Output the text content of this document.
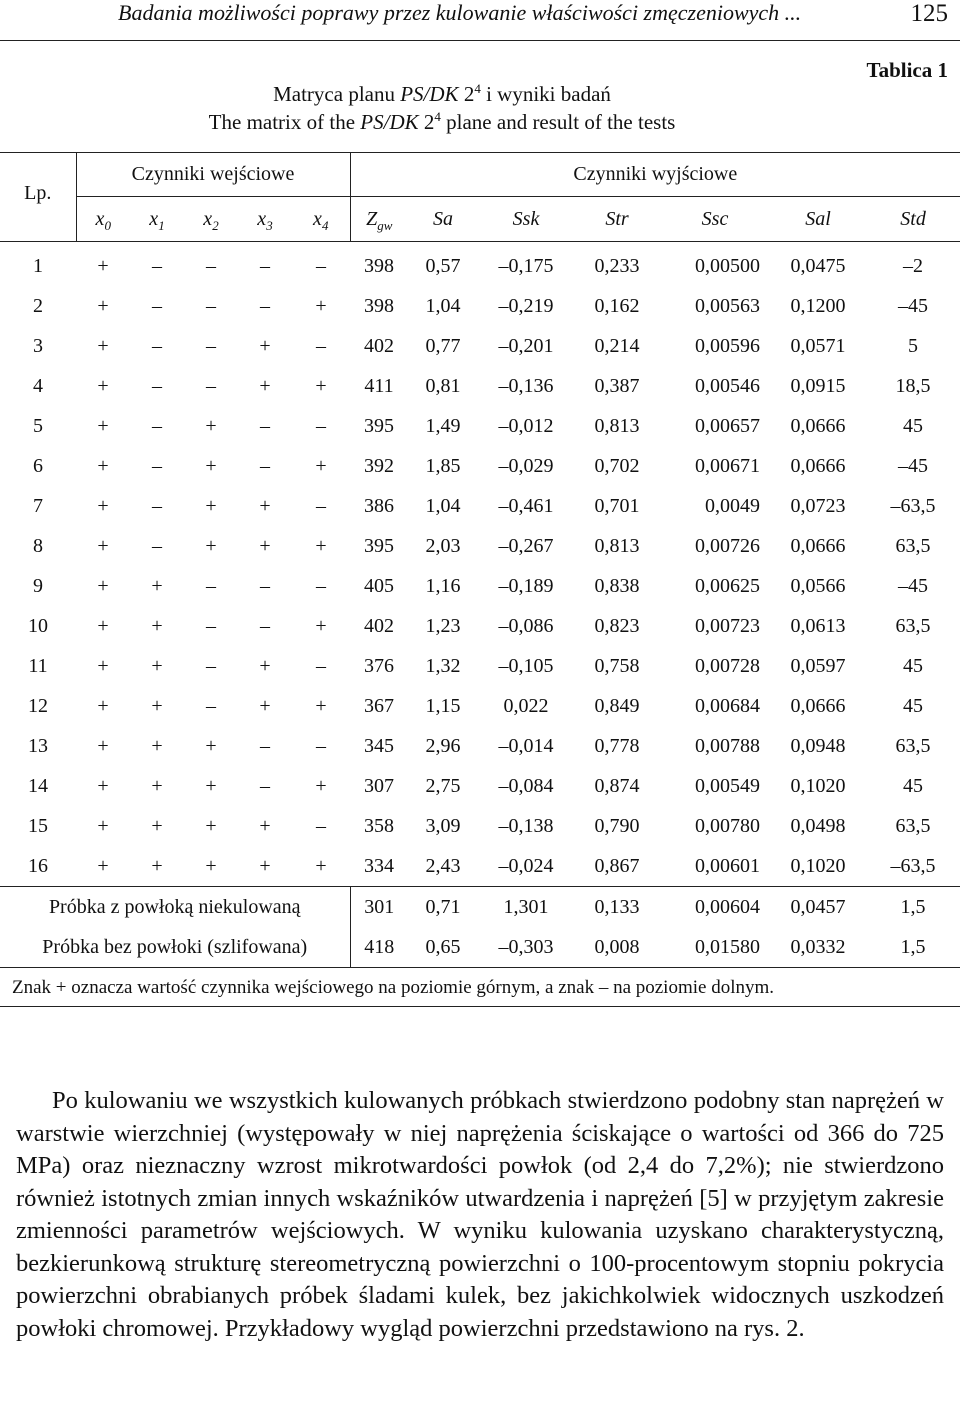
Badania możliwości poprawy przez kulowanie właściwości zmęczeniowych ...	125
Tablica 1
Matryca planu PS/DK $2^4$ i wyniki badań
The matrix of the PS/DK $2^4$ plane and result of the tests
Lp.	Czynniki wejściowe					Czynniki wyjściowe						
	$x_0$	$x_1$	$x_2$	$x_3$	$x_4$	$Z_{gw}$	Sa	Ssk	Str	Ssc	Sal	Std
1	+	–	–	–	–	398	0,57	–0,175	0,233	0,00500	0,0475	–2
2	+	–	–	–	+	398	1,04	–0,219	0,162	0,00563	0,1200	–45
3	+	–	–	+	–	402	0,77	–0,201	0,214	0,00596	0,0571	5
4	+	–	–	+	+	411	0,81	–0,136	0,387	0,00546	0,0915	18,5
5	+	–	+	–	–	395	1,49	–0,012	0,813	0,00657	0,0666	45
6	+	–	+	–	+	392	1,85	–0,029	0,702	0,00671	0,0666	–45
7	+	–	+	+	–	386	1,04	–0,461	0,701	0,0049	0,0723	–63,5
8	+	–	+	+	+	395	2,03	–0,267	0,813	0,00726	0,0666	63,5
9	+	+	–	–	–	405	1,16	–0,189	0,838	0,00625	0,0566	–45
10	+	+	–	–	+	402	1,23	–0,086	0,823	0,00723	0,0613	63,5
11	+	+	–	+	–	376	1,32	–0,105	0,758	0,00728	0,0597	45
12	+	+	–	+	+	367	1,15	0,022	0,849	0,00684	0,0666	45
13	+	+	+	–	–	345	2,96	–0,014	0,778	0,00788	0,0948	63,5
14	+	+	+	–	+	307	2,75	–0,084	0,874	0,00549	0,1020	45
15	+	+	+	+	–	358	3,09	–0,138	0,790	0,00780	0,0498	63,5
16	+	+	+	+	+	334	2,43	–0,024	0,867	0,00601	0,1020	–63,5
Próbka z powłoką niekulowaną						301	0,71	1,301	0,133	0,00604	0,0457	1,5
Próbka bez powłoki (szlifowana)						418	0,65	–0,303	0,008	0,01580	0,0332	1,5
Znak + oznacza wartość czynnika wejściowego na poziomie górnym, a znak – na poziomie dolnym.												

Po kulowaniu we wszystkich kulowanych próbkach stwierdzono podobny stan naprężeń w warstwie wierzchniej (występowały w niej naprężenia ściskające o wartości od 366 do 725 MPa) oraz nieznaczny wzrost mikrotwardości powłok (od 2,4 do 7,2%); nie stwierdzono również istotnych zmian innych wskaźników utwardzenia i naprężeń [5] w przyjętym zakresie zmienności parametrów wejściowych. W wyniku kulowania uzyskano charakterystyczną, bezkierunkową strukturę stereometryczną powierzchni o 100-procentowym stopniu pokrycia powierzchni obrabianych próbek śladami kulek, bez jakichkolwiek widocznych uszkodzeń powłoki chromowej. Przykładowy wygląd powierzchni przedstawiono na rys. 2.
